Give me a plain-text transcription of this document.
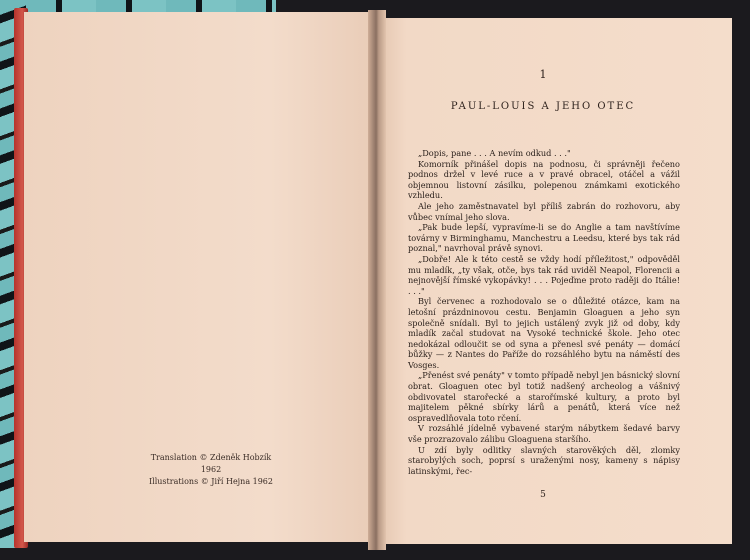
Translation © Zdeněk Hobzík 1962
Illustrations © Jiří Hejna 1962
1
PAUL-LOUIS A JEHO OTEC

„Dopis, pane . . . A nevím odkud . . ."

Komorník přinášel dopis na podnosu, či správněji řečeno podnos držel v levé ruce a v pravé obracel, otáčel a vážil objemnou listovní zásilku, polepenou známkami exotického vzhledu.

Ale jeho zaměstnavatel byl příliš zabrán do rozhovoru, aby vůbec vnímal jeho slova.

„Pak bude lepší, vypravíme-li se do Anglie a tam navštívíme továrny v Birminghamu, Manchestru a Leedsu, které bys tak rád poznal," navrhoval právě synovi.

„Dobře! Ale k této cestě se vždy hodí příležitost," odpověděl mu mladík, „ty však, otče, bys tak rád uviděl Neapol, Florencii a nejnovější římské vykopávky! . . . Pojeďme proto raději do Itálie! . . ."

Byl červenec a rozhodovalo se o důležité otázce, kam na letošní prázdninovou cestu. Benjamin Gloaguen a jeho syn společně snídali. Byl to jejich ustálený zvyk již od doby, kdy mladík začal studovat na Vysoké technické škole. Jeho otec nedokázal odloučit se od syna a přenesl své penáty — domácí bůžky — z Nantes do Paříže do rozsáhlého bytu na náměstí des Vosges.

„Přenést své penáty" v tomto případě nebyl jen básnický slovní obrat. Gloaguen otec byl totiž nadšený archeolog a vášnivý obdivovatel starořecké a starořímské kultury, a proto byl majitelem pěkné sbírky lárů a penátů, která více než ospravedlňovala toto rčení.

V rozsáhlé jídelně vybavené starým nábytkem šedavé barvy vše prozrazovalo zálibu Gloaguena staršího.

U zdí byly odlitky slavných starověkých děl, zlomky starobylých soch, poprsí s uraženými nosy, kameny s nápisy latinskými, řec-

5
